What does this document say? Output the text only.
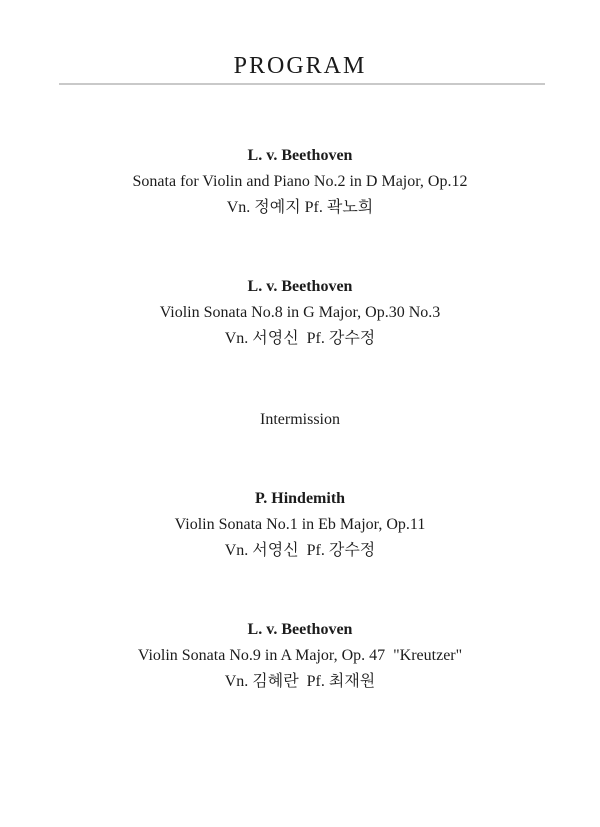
PROGRAM
L. v. Beethoven
Sonata for Violin and Piano No.2 in D Major, Op.12
Vn. 정예지 Pf. 곽노희
L. v. Beethoven
Violin Sonata No.8 in G Major, Op.30 No.3
Vn. 서영신  Pf. 강수정
Intermission
P. Hindemith
Violin Sonata No.1 in Eb Major, Op.11
Vn. 서영신  Pf. 강수정
L. v. Beethoven
Violin Sonata No.9 in A Major, Op. 47  "Kreutzer"
Vn. 김혜란  Pf. 최재원
